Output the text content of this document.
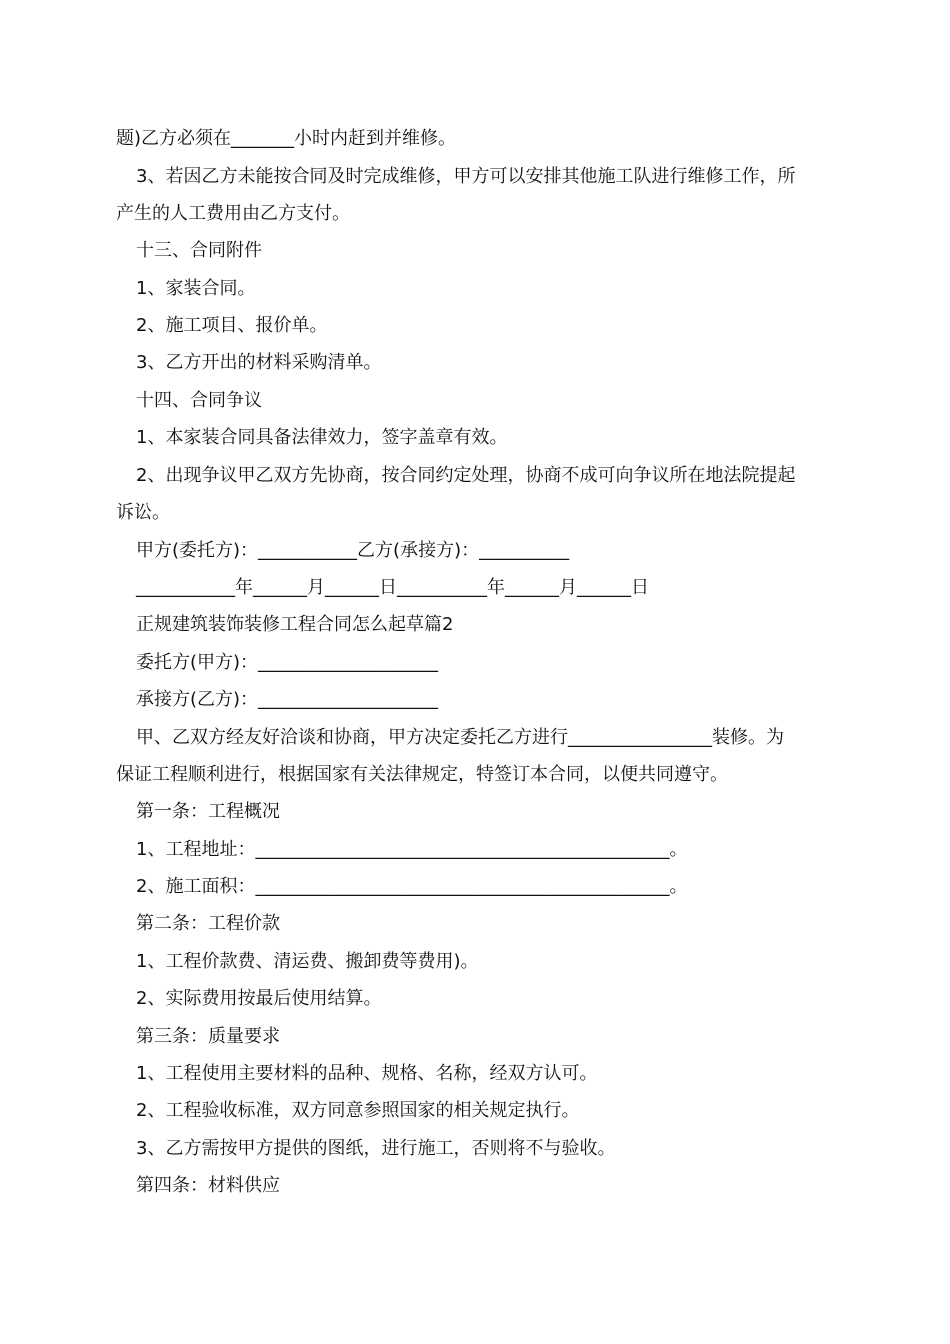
题)乙方必须在_______小时内赶到并维修。
3、若因乙方未能按合同及时完成维修，甲方可以安排其他施工队进行维修工作，所
产生的人工费用由乙方支付。
十三、合同附件
1、家装合同。
2、施工项目、报价单。
3、乙方开出的材料采购清单。
十四、合同争议
1、本家装合同具备法律效力，签字盖章有效。
2、出现争议甲乙双方先协商，按合同约定处理，协商不成可向争议所在地法院提起
诉讼。
甲方(委托方)：___________乙方(承接方)：__________
___________年______月______日__________年______月______日
正规建筑装饰装修工程合同怎么起草篇2
委托方(甲方)：____________________
承接方(乙方)：____________________
甲、乙双方经友好洽谈和协商，甲方决定委托乙方进行________________装修。为
保证工程顺利进行，根据国家有关法律规定，特签订本合同，以便共同遵守。
第一条：工程概况
1、工程地址：______________________________________________。
2、施工面积：______________________________________________。
第二条：工程价款
1、工程价款费、清运费、搬卸费等费用)。
2、实际费用按最后使用结算。
第三条：质量要求
1、工程使用主要材料的品种、规格、名称，经双方认可。
2、工程验收标准，双方同意参照国家的相关规定执行。
3、乙方需按甲方提供的图纸，进行施工，否则将不与验收。
第四条：材料供应
